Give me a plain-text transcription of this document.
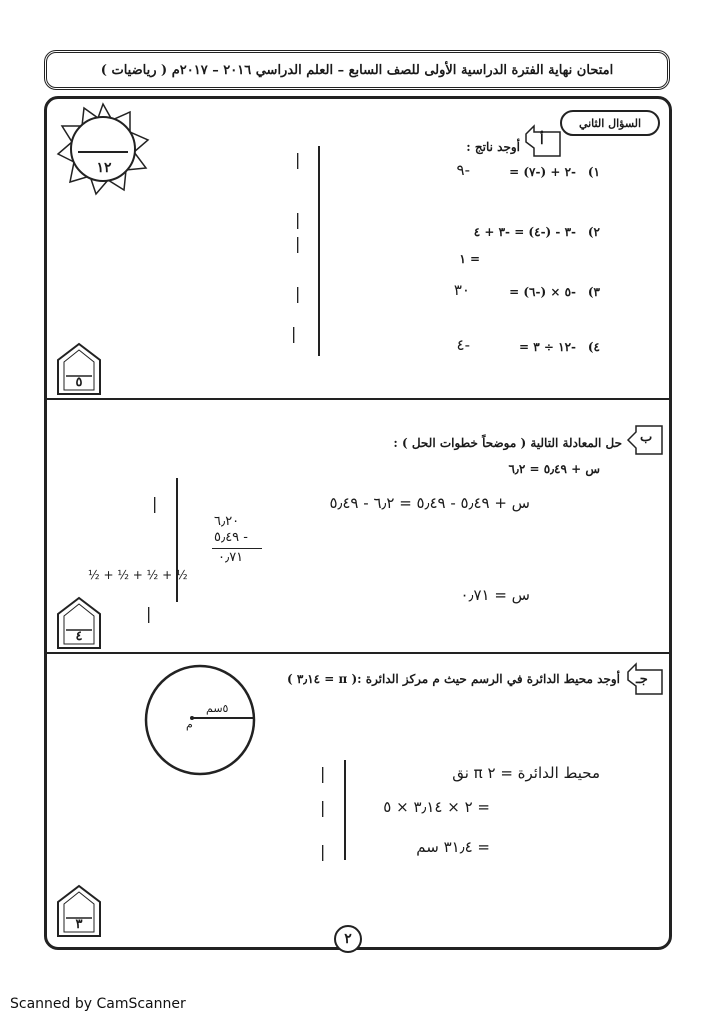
امتحان نهاية الفترة الدراسية الأولى للصف السابع – العلم الدراسي ٢٠١٦ – ٢٠١٧م ( رياضيات )
١٢
السؤال الثاني
أ
أوجد ناتج :
١)
-٢ + (-٧) =
-٩
٢)
-٣ - (-٤) = -٣ + ٤
= ١
٣)
-٥ × (-٦) =
٣٠
٤)
-١٢ ÷ ٣ =
-٤
|
|
|
|
|
٥
ب
حل المعادلة التالية ( موضحاً خطوات الحل ) :
س + ٥٫٤٩ = ٦٫٢
س + ٥٫٤٩ - ٥٫٤٩ = ٦٫٢ - ٥٫٤٩
٦٫٢٠
٥٫٤٩ -
٠٫٧١
س = ٠٫٧١
|
½ + ½ + ½ + ½
|
٤
جـ
أوجد محيط الدائرة في الرسم حيث م مركز الدائرة :( π = ٣٫١٤ )
٥سم
م
محيط الدائرة = ٢ π نق
= ٢ × ٣٫١٤ × ٥
= ٣١٫٤ سم
|
|
|
٣
٢
Scanned by CamScanner
